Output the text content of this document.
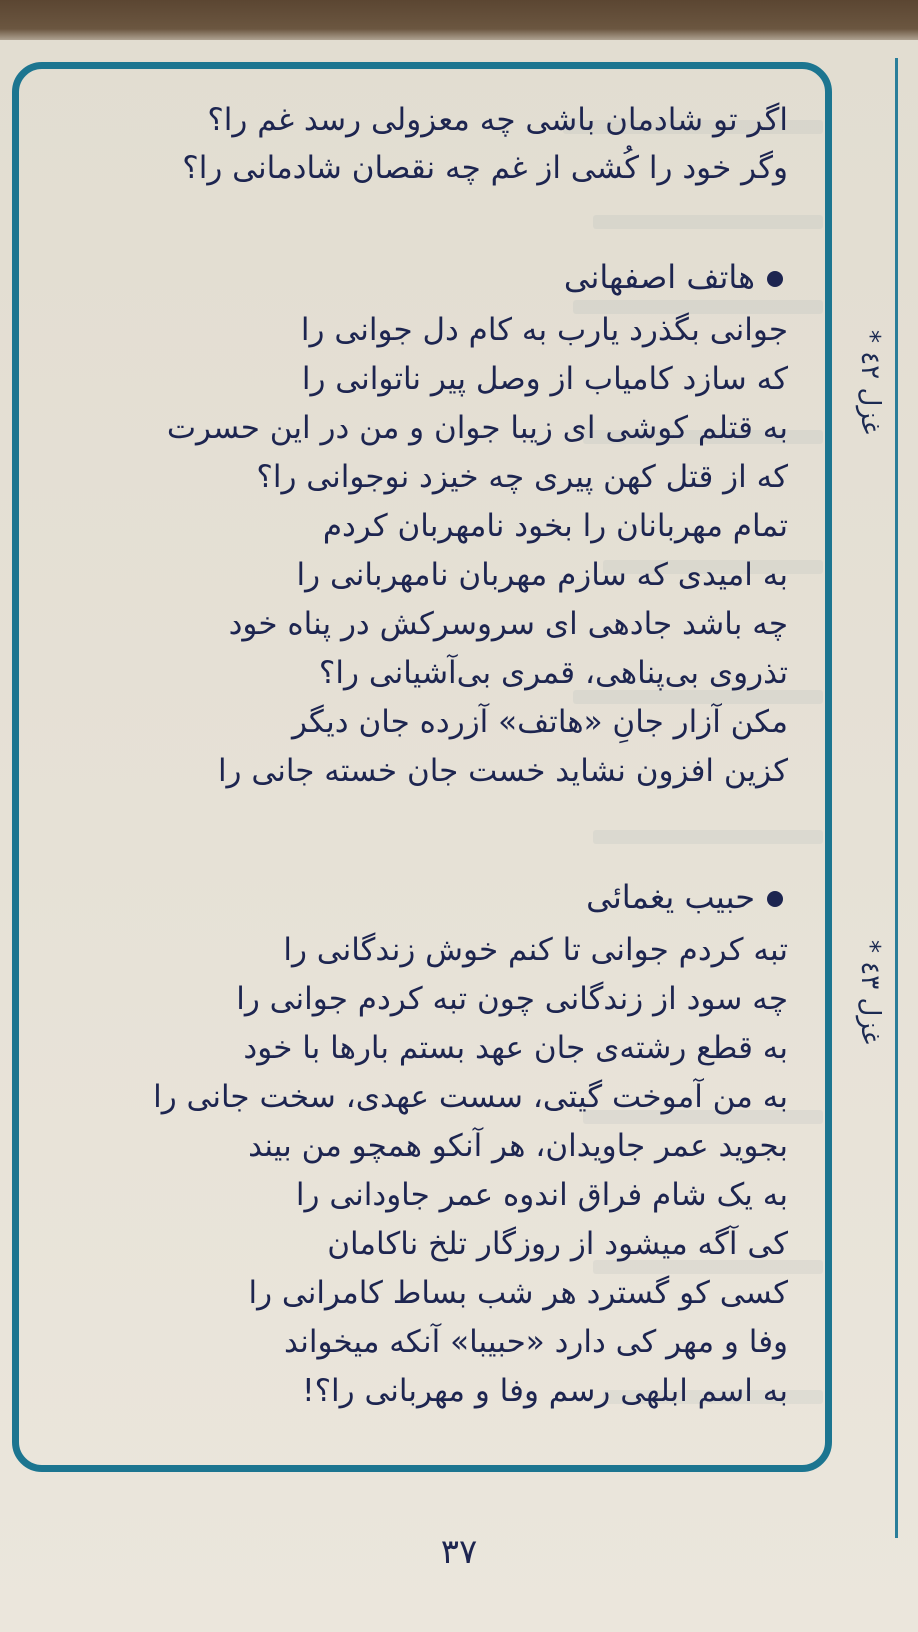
اگر تو شادمان باشی چه معزولی رسد غم را؟
وگر خود را کُشی از غم چه نقصان شادمانی را؟
هاتف اصفهانی
جوانی بگذرد یارب به کام دل جوانی را
که سازد کامیاب از وصل پیر ناتوانی را
به قتلم کوشی ای زیبا جوان و من در این حسرت
که از قتل کهن پیری چه خیزد نوجوانی را؟
تمام مهربانان را بخود نامهربان کردم
به امیدی که سازم مهربان نامهربانی را
چه باشد جادهی ای سروسرکش در پناه خود
تذروی بی‌پناهی، قمری بی‌آشیانی را؟
مکن آزار جانِ «هاتف» آزرده جان دیگر
کزین افزون نشاید خست جان خسته جانی را
* غزل ٤٢
حبیب یغمائی
تبه کردم جوانی تا کنم خوش زندگانی را
چه سود از زندگانی چون تبه کردم جوانی را
به قطع رشته‌ی جان عهد بستم بارها با خود
به من آموخت گیتی، سست عهدی، سخت جانی را
بجوید عمر جاویدان، هر آنکو همچو من بیند
به یک شام فراق اندوه عمر جاودانی را
کی آگه میشود از روزگار تلخ ناکامان
کسی کو گسترد هر شب بساط کامرانی را
وفا و مهر کی دارد «حبیبا» آنکه میخواند
به اسم ابلهی رسم وفا و مهربانی را؟!
* غزل ٤٣
٣٧
